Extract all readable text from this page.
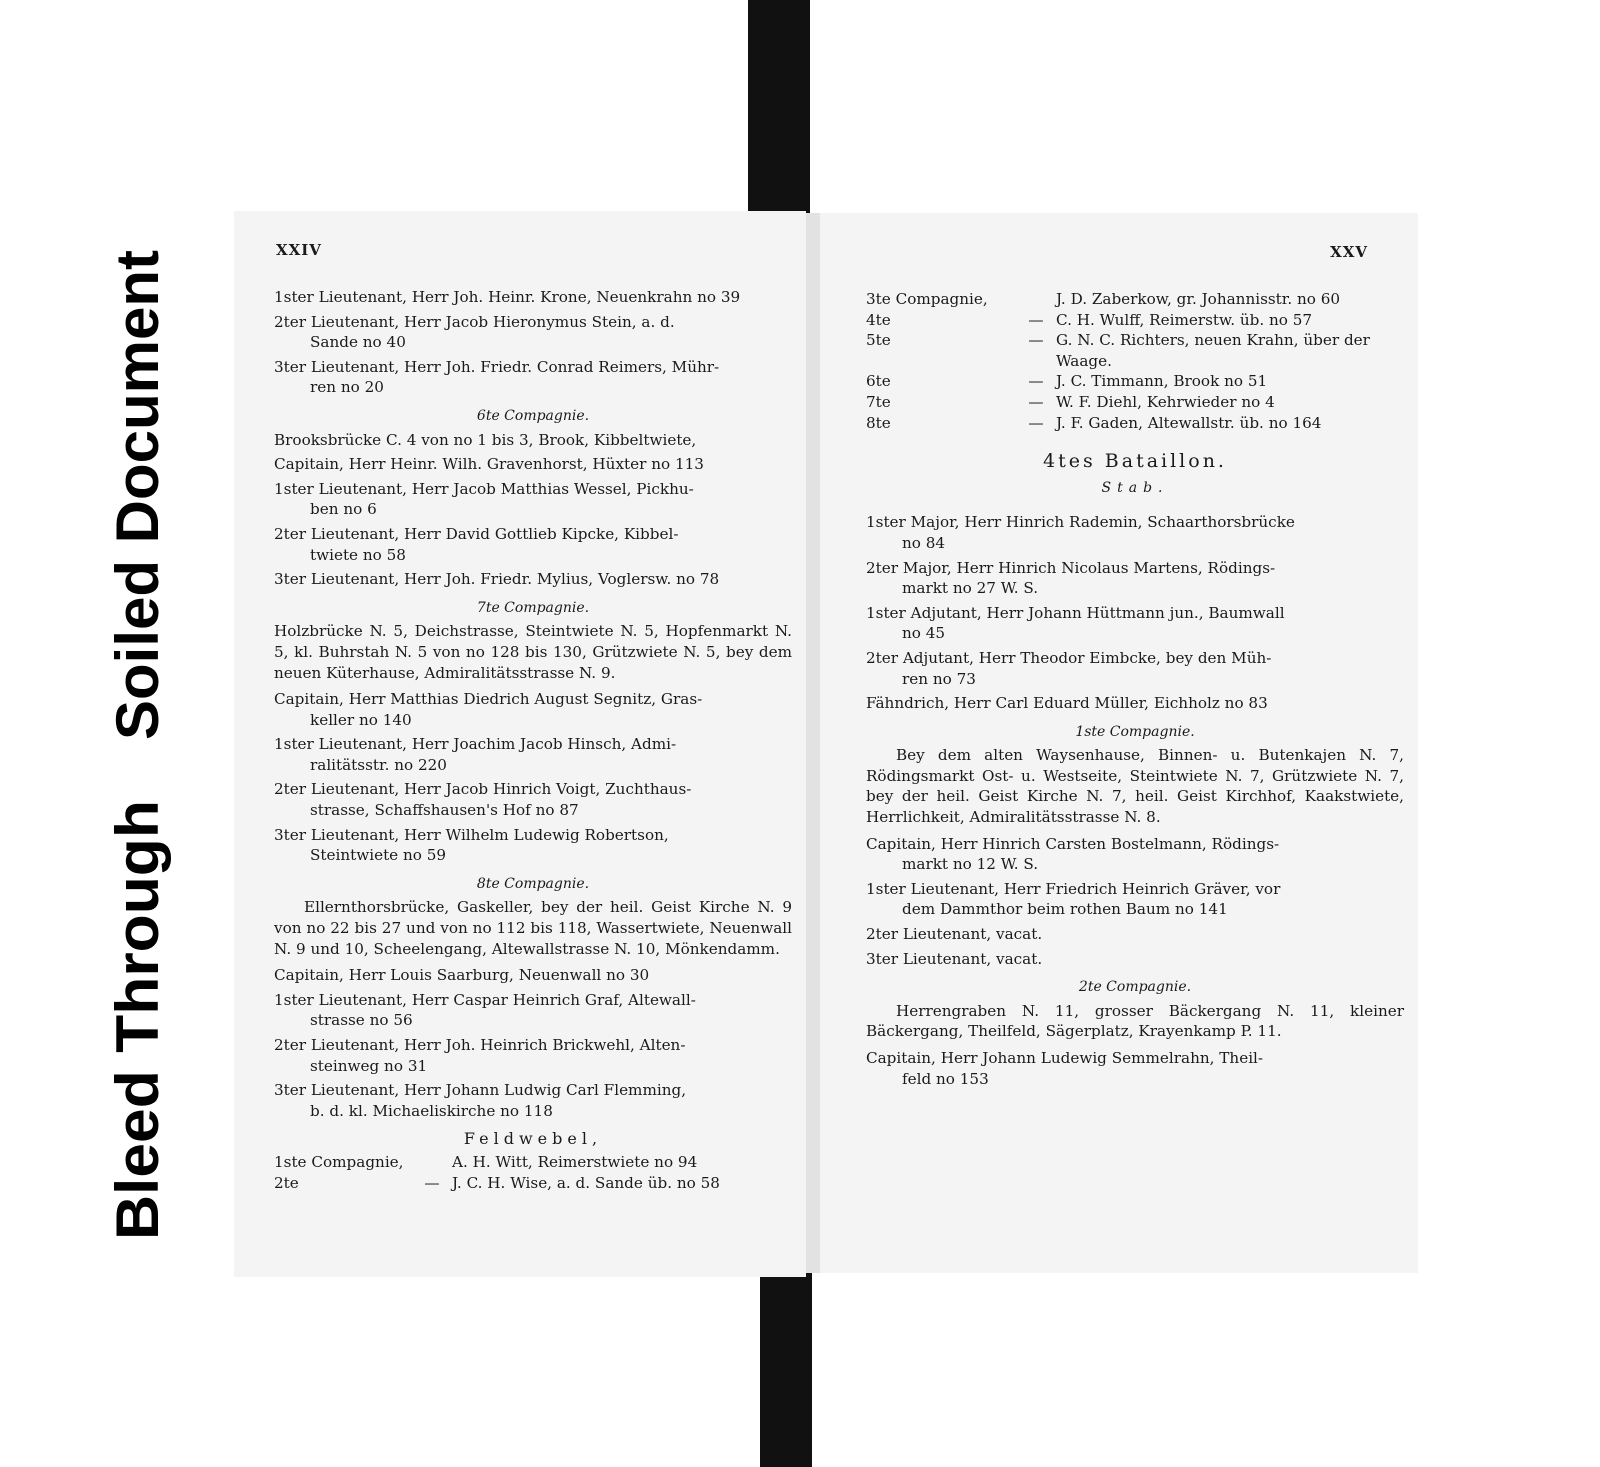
Bleed Through
Soiled Document	XXIV
1ster Lieutenant, Herr Joh. Heinr. Krone, Neuenkrahn no 39
2ter Lieutenant, Herr Jacob Hieronymus Stein, a. d.
Sande no 40
3ter Lieutenant, Herr Joh. Friedr. Conrad Reimers, Mühr-
ren no 20
6te Compagnie.
Brooksbrücke C. 4 von no 1 bis 3, Brook, Kibbeltwiete,
Capitain, Herr Heinr. Wilh. Gravenhorst, Hüxter no 113
1ster Lieutenant, Herr Jacob Matthias Wessel, Pickhu-
ben no 6
2ter Lieutenant, Herr David Gottlieb Kipcke, Kibbel-
twiete no 58
3ter Lieutenant, Herr Joh. Friedr. Mylius, Voglersw. no 78
7te Compagnie.
Holzbrücke N. 5, Deichstrasse, Steintwiete N. 5, Hopfenmarkt N. 5, kl. Buhrstah N. 5 von no 128 bis 130, Grützwiete N. 5, bey dem neuen Küterhause, Admiralitätsstrasse N. 9.
Capitain, Herr Matthias Diedrich August Segnitz, Gras-
keller no 140
1ster Lieutenant, Herr Joachim Jacob Hinsch, Admi-
ralitätsstr. no 220
2ter Lieutenant, Herr Jacob Hinrich Voigt, Zuchthaus-
strasse, Schaffshausen's Hof no 87
3ter Lieutenant, Herr Wilhelm Ludewig Robertson,
Steintwiete no 59
8te Compagnie.
Ellernthorsbrücke, Gaskeller, bey der heil. Geist Kirche N. 9 von no 22 bis 27 und von no 112 bis 118, Wassertwiete, Neuenwall N. 9 und 10, Scheelengang, Altewallstrasse N. 10, Mönkendamm.
Capitain, Herr Louis Saarburg, Neuenwall no 30
1ster Lieutenant, Herr Caspar Heinrich Graf, Altewall-
strasse no 56
2ter Lieutenant, Herr Joh. Heinrich Brickwehl, Alten-
steinweg no 31
3ter Lieutenant, Herr Johann Ludwig Carl Flemming,
b. d. kl. Michaeliskirche no 118
Feldwebel,
1ste Compagnie,	A. H. Witt, Reimerstwiete no 94
2te	— J. C. H. Wise, a. d. Sande üb. no 58
XXV
3te Compagnie,	J. D. Zaberkow, gr. Johannisstr. no 60
4te	— C. H. Wulff, Reimerstw. üb. no 57
5te	— G. N. C. Richters, neuen Krahn, über der Waage.
6te	— J. C. Timmann, Brook no 51
7te	— W. F. Diehl, Kehrwieder no 4
8te	— J. F. Gaden, Altewallstr. üb. no 164
4tes Bataillon.
Stab.
1ster Major, Herr Hinrich Rademin, Schaarthorsbrücke
no 84
2ter Major, Herr Hinrich Nicolaus Martens, Rödings-
markt no 27 W. S.
1ster Adjutant, Herr Johann Hüttmann jun., Baumwall
no 45
2ter Adjutant, Herr Theodor Eimbcke, bey den Müh-
ren no 73
Fähndrich, Herr Carl Eduard Müller, Eichholz no 83
1ste Compagnie.
Bey dem alten Waysenhause, Binnen- u. Butenkajen N. 7, Rödingsmarkt Ost- u. Westseite, Steintwiete N. 7, Grützwiete N. 7, bey der heil. Geist Kirche N. 7, heil. Geist Kirchhof, Kaakstwiete, Herrlichkeit, Admiralitätsstrasse N. 8.
Capitain, Herr Hinrich Carsten Bostelmann, Rödings-
markt no 12 W. S.
1ster Lieutenant, Herr Friedrich Heinrich Gräver, vor
dem Dammthor beim rothen Baum no 141
2ter Lieutenant, vacat.
3ter Lieutenant, vacat.
2te Compagnie.
Herrengraben N. 11, grosser Bäckergang N. 11, kleiner Bäckergang, Theilfeld, Sägerplatz, Krayenkamp P. 11.
Capitain, Herr Johann Ludewig Semmelrahn, Theil-
feld no 153
